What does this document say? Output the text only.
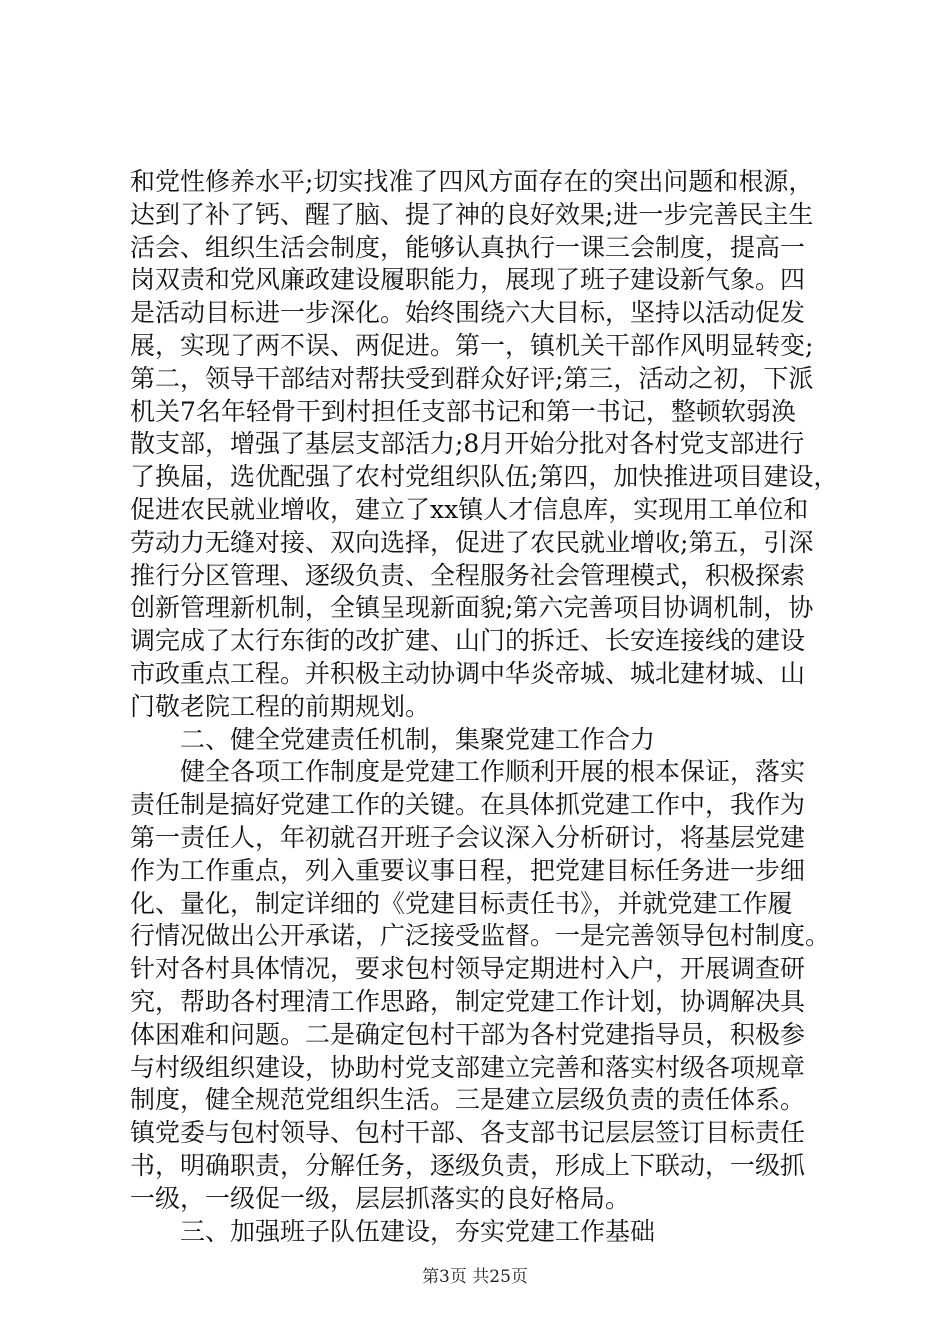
和党性修养水平;切实找准了四风方面存在的突出问题和根源，
达到了补了钙、醒了脑、提了神的良好效果;进一步完善民主生
活会、组织生活会制度，能够认真执行一课三会制度，提高一
岗双责和党风廉政建设履职能力，展现了班子建设新气象。四
是活动目标进一步深化。始终围绕六大目标，坚持以活动促发
展，实现了两不误、两促进。第一，镇机关干部作风明显转变;
第二，领导干部结对帮扶受到群众好评;第三，活动之初，下派
机关7名年轻骨干到村担任支部书记和第一书记，整顿软弱涣
散支部，增强了基层支部活力;8月开始分批对各村党支部进行
了换届，选优配强了农村党组织队伍;第四，加快推进项目建设，
促进农民就业增收，建立了xx镇人才信息库，实现用工单位和
劳动力无缝对接、双向选择，促进了农民就业增收;第五，引深
推行分区管理、逐级负责、全程服务社会管理模式，积极探索
创新管理新机制，全镇呈现新面貌;第六完善项目协调机制，协
调完成了太行东街的改扩建、山门的拆迁、长安连接线的建设
市政重点工程。并积极主动协调中华炎帝城、城北建材城、山
门敬老院工程的前期规划。
　　二、健全党建责任机制，集聚党建工作合力
　　健全各项工作制度是党建工作顺利开展的根本保证，落实
责任制是搞好党建工作的关键。在具体抓党建工作中，我作为
第一责任人，年初就召开班子会议深入分析研讨，将基层党建
作为工作重点，列入重要议事日程，把党建目标任务进一步细
化、量化，制定详细的《党建目标责任书》，并就党建工作履
行情况做出公开承诺，广泛接受监督。一是完善领导包村制度。
针对各村具体情况，要求包村领导定期进村入户，开展调查研
究，帮助各村理清工作思路，制定党建工作计划，协调解决具
体困难和问题。二是确定包村干部为各村党建指导员，积极参
与村级组织建设，协助村党支部建立完善和落实村级各项规章
制度，健全规范党组织生活。三是建立层级负责的责任体系。
镇党委与包村领导、包村干部、各支部书记层层签订目标责任
书，明确职责，分解任务，逐级负责，形成上下联动，一级抓
一级，一级促一级，层层抓落实的良好格局。
　　三、加强班子队伍建设，夯实党建工作基础
第3页 共25页
